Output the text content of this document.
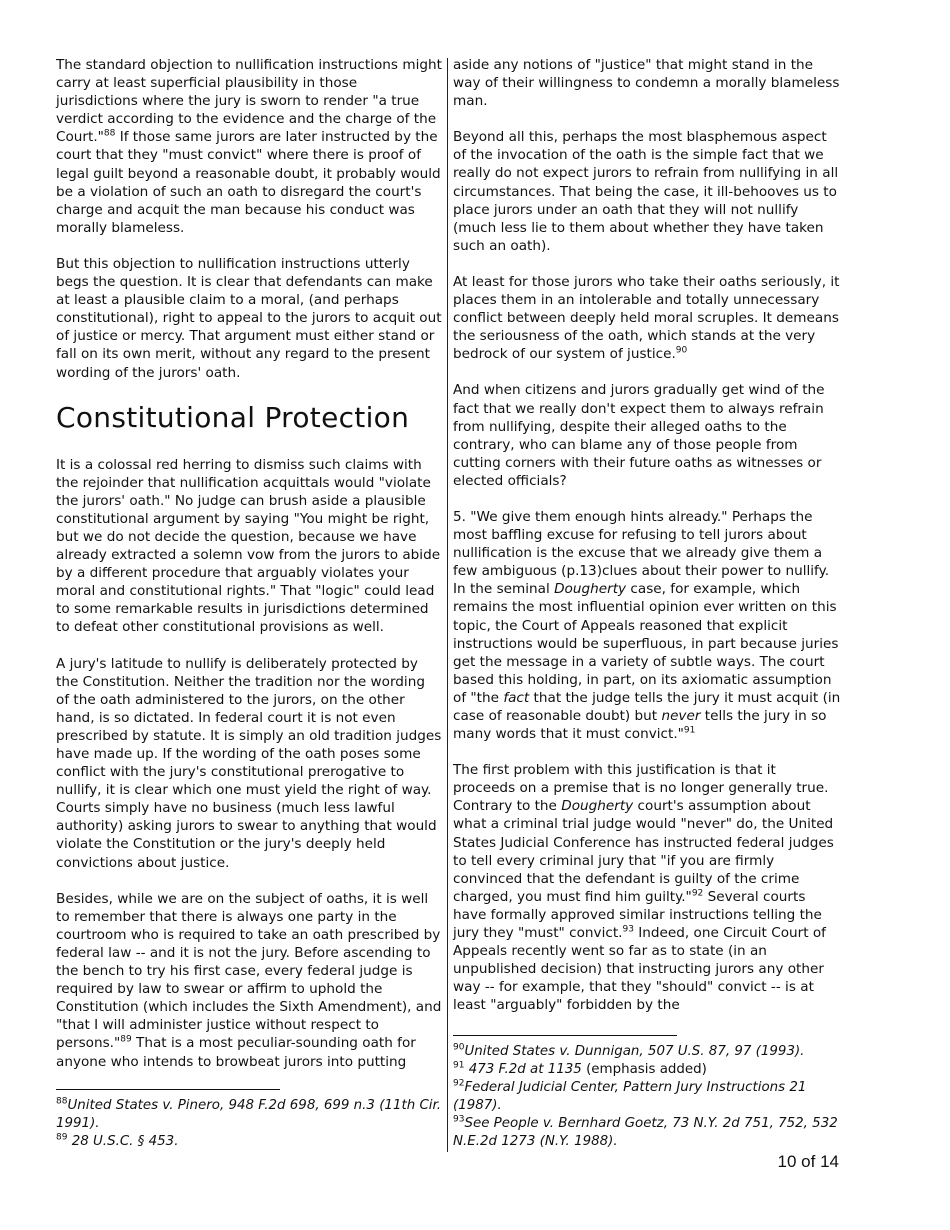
The standard objection to nullification instructions might carry at least superficial plausibility in those jurisdictions where the jury is sworn to render "a true verdict according to the evidence and the charge of the Court."$^{88}$ If those same jurors are later instructed by the court that they "must convict" where there is proof of legal guilt beyond a reasonable doubt, it probably would be a violation of such an oath to disregard the court's charge and acquit the man because his conduct was morally blameless.

But this objection to nullification instructions utterly begs the question. It is clear that defendants can make at least a plausible claim to a moral, (and perhaps constitutional), right to appeal to the jurors to acquit out of justice or mercy. That argument must either stand or fall on its own merit, without any regard to the present wording of the jurors' oath.

Constitutional Protection

It is a colossal red herring to dismiss such claims with the rejoinder that nullification acquittals would "violate the jurors' oath." No judge can brush aside a plausible constitutional argument by saying "You might be right, but we do not decide the question, because we have already extracted a solemn vow from the jurors to abide by a different procedure that arguably violates your moral and constitutional rights." That "logic" could lead to some remarkable results in jurisdictions determined to defeat other constitutional provisions as well.

A jury's latitude to nullify is deliberately protected by the Constitution. Neither the tradition nor the wording of the oath administered to the jurors, on the other hand, is so dictated. In federal court it is not even prescribed by statute. It is simply an old tradition judges have made up. If the wording of the oath poses some conflict with the jury's constitutional prerogative to nullify, it is clear which one must yield the right of way. Courts simply have no business (much less lawful authority) asking jurors to swear to anything that would violate the Constitution or the jury's deeply held convictions about justice.

Besides, while we are on the subject of oaths, it is well to remember that there is always one party in the courtroom who is required to take an oath prescribed by federal law -- and it is not the jury. Before ascending to the bench to try his first case, every federal judge is required by law to swear or affirm to uphold the Constitution (which includes the Sixth Amendment), and "that I will administer justice without respect to persons."$^{89}$ That is a most peculiar-sounding oath for anyone who intends to browbeat jurors into putting

aside any notions of "justice" that might stand in the way of their willingness to condemn a morally blameless man.

Beyond all this, perhaps the most blasphemous aspect of the invocation of the oath is the simple fact that we really do not expect jurors to refrain from nullifying in all circumstances. That being the case, it ill-behooves us to place jurors under an oath that they will not nullify (much less lie to them about whether they have taken such an oath).

At least for those jurors who take their oaths seriously, it places them in an intolerable and totally unnecessary conflict between deeply held moral scruples. It demeans the seriousness of the oath, which stands at the very bedrock of our system of justice.$^{90}$

And when citizens and jurors gradually get wind of the fact that we really don't expect them to always refrain from nullifying, despite their alleged oaths to the contrary, who can blame any of those people from cutting corners with their future oaths as witnesses or elected officials?

5. "We give them enough hints already." Perhaps the most baffling excuse for refusing to tell jurors about nullification is the excuse that we already give them a few ambiguous (p.13)clues about their power to nullify. In the seminal Dougherty case, for example, which remains the most influential opinion ever written on this topic, the Court of Appeals reasoned that explicit instructions would be superfluous, in part because juries get the message in a variety of subtle ways. The court based this holding, in part, on its axiomatic assumption of "the fact that the judge tells the jury it must acquit (in case of reasonable doubt) but never tells the jury in so many words that it must convict."$^{91}$

The first problem with this justification is that it proceeds on a premise that is no longer generally true. Contrary to the Dougherty court's assumption about what a criminal trial judge would "never" do, the United States Judicial Conference has instructed federal judges to tell every criminal jury that "if you are firmly convinced that the defendant is guilty of the crime charged, you must find him guilty."$^{92}$ Several courts have formally approved similar instructions telling the jury they "must" convict.$^{93}$ Indeed, one Circuit Court of Appeals recently went so far as to state (in an unpublished decision) that instructing jurors any other way -- for example, that they "should" convict -- is at least "arguably" forbidden by the

$^{88}$United States v. Pinero, 948 F.2d 698, 699 n.3 (11th Cir. 1991).
$^{89}$ 28 U.S.C. § 453.
$^{90}$United States v. Dunnigan, 507 U.S. 87, 97 (1993).
$^{91}$ 473 F.2d at 1135 (emphasis added)
$^{92}$Federal Judicial Center, Pattern Jury Instructions 21 (1987).
$^{93}$See People v. Bernhard Goetz, 73 N.Y. 2d 751, 752, 532 N.E.2d 1273 (N.Y. 1988).
10 of 14
